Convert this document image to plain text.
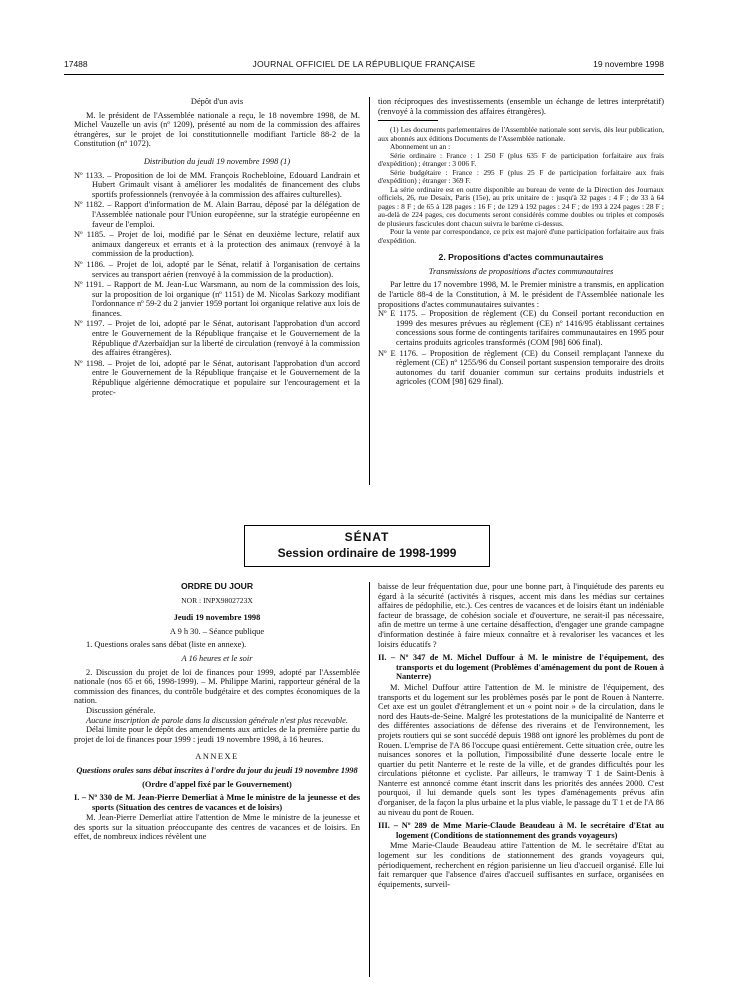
17488	JOURNAL OFFICIEL DE LA RÉPUBLIQUE FRANÇAISE	19 novembre 1998

Dépôt d'un avis

M. le président de l'Assemblée nationale a reçu, le 18 novembre 1998, de M. Michel Vauzelle un avis (nº 1209), présenté au nom de la commission des affaires étrangères, sur le projet de loi constitutionnelle modifiant l'article 88-2 de la Constitution (nº 1072).

Distribution du jeudi 19 novembre 1998 (1)

Nº 1133. – Proposition de loi de MM. François Rochebloine, Edouard Landrain et Hubert Grimault visant à améliorer les modalités de financement des clubs sportifs professionnels (renvoyée à la commission des affaires culturelles).

Nº 1182. – Rapport d'information de M. Alain Barrau, déposé par la délégation de l'Assemblée nationale pour l'Union européenne, sur la stratégie européenne en faveur de l'emploi.

Nº 1185. – Projet de loi, modifié par le Sénat en deuxième lecture, relatif aux animaux dangereux et errants et à la protection des animaux (renvoyé à la commission de la production).

Nº 1186. – Projet de loi, adopté par le Sénat, relatif à l'organisation de certains services au transport aérien (renvoyé à la commission de la production).

Nº 1191. – Rapport de M. Jean-Luc Warsmann, au nom de la commission des lois, sur la proposition de loi organique (nº 1151) de M. Nicolas Sarkozy modifiant l'ordonnance nº 59-2 du 2 janvier 1959 portant loi organique relative aux lois de finances.

Nº 1197. – Projet de loi, adopté par le Sénat, autorisant l'approbation d'un accord entre le Gouvernement de la République française et le Gouvernement de la République d'Azerbaïdjan sur la liberté de circulation (renvoyé à la commission des affaires étrangères).

Nº 1198. – Projet de loi, adopté par le Sénat, autorisant l'approbation d'un accord entre le Gouvernement de la République française et le Gouvernement de la République algérienne démocratique et populaire sur l'encouragement et la protec-

tion réciproques des investissements (ensemble un échange de lettres interprétatif) (renvoyé à la commission des affaires étrangères).

(1) Les documents parlementaires de l'Assemblée nationale sont servis, dès leur publication, aux abonnés aux éditions Documents de l'Assemblée nationale.

Abonnement un an :

Série ordinaire : France : 1 250 F (plus 635 F de participation forfaitaire aux frais d'expédition) ; étranger : 3 006 F.

Série budgétaire : France : 295 F (plus 25 F de participation forfaitaire aux frais d'expédition) ; étranger : 369 F.

La série ordinaire est en outre disponible au bureau de vente de la Direction des Journaux officiels, 26, rue Desaix, Paris (15e), au prix unitaire de : jusqu'à 32 pages : 4 F ; de 33 à 64 pages : 8 F ; de 65 à 128 pages : 16 F ; de 129 à 192 pages : 24 F ; de 193 à 224 pages : 28 F ; au-delà de 224 pages, ces documents seront considérés comme doubles ou triples et composés de plusieurs fascicules dont chacun suivra le barème ci-dessus.

Pour la vente par correspondance, ce prix est majoré d'une participation forfaitaire aux frais d'expédition.

2. Propositions d'actes communautaires

Transmissions de propositions d'actes communautaires

Par lettre du 17 novembre 1998, M. le Premier ministre a transmis, en application de l'article 88-4 de la Constitution, à M. le président de l'Assemblée nationale les propositions d'actes communautaires suivantes :

Nº E 1175. – Proposition de règlement (CE) du Conseil portant reconduction en 1999 des mesures prévues au règlement (CE) nº 1416/95 établissant certaines concessions sous forme de contingents tarifaires communautaires en 1995 pour certains produits agricoles transformés (COM [98] 606 final).

Nº E 1176. – Proposition de règlement (CE) du Conseil remplaçant l'annexe du règlement (CE) nº 1255/96 du Conseil portant suspension temporaire des droits autonomes du tarif douanier commun sur certains produits industriels et agricoles (COM [98] 629 final).

SÉNAT
Session ordinaire de 1998-1999

ORDRE DU JOUR

NOR : INPX9802723X

Jeudi 19 novembre 1998

A 9 h 30. – Séance publique

1. Questions orales sans débat (liste en annexe).

A 16 heures et le soir

2. Discussion du projet de loi de finances pour 1999, adopté par l'Assemblée nationale (nos 65 et 66, 1998-1999). – M. Philippe Marini, rapporteur général de la commission des finances, du contrôle budgétaire et des comptes économiques de la nation.

Discussion générale.

Aucune inscription de parole dans la discussion générale n'est plus recevable.

Délai limite pour le dépôt des amendements aux articles de la première partie du projet de loi de finances pour 1999 : jeudi 19 novembre 1998, à 16 heures.

ANNEXE

Questions orales sans débat inscrites à l'ordre du jour du jeudi 19 novembre 1998

(Ordre d'appel fixé par le Gouvernement)

I. – Nº 330 de M. Jean-Pierre Demerliat à Mme le ministre de la jeunesse et des sports (Situation des centres de vacances et de loisirs)

M. Jean-Pierre Demerliat attire l'attention de Mme le ministre de la jeunesse et des sports sur la situation préoccupante des centres de vacances et de loisirs. En effet, de nombreux indices révèlent une

baisse de leur fréquentation due, pour une bonne part, à l'inquiétude des parents eu égard à la sécurité (activités à risques, accent mis dans les médias sur certaines affaires de pédophilie, etc.). Ces centres de vacances et de loisirs étant un indéniable facteur de brassage, de cohésion sociale et d'ouverture, ne serait-il pas nécessaire, afin de mettre un terme à une certaine désaffection, d'engager une grande campagne d'information destinée à faire mieux connaître et à revaloriser les vacances et les loisirs éducatifs ?

II. – Nº 347 de M. Michel Duffour à M. le ministre de l'équipement, des transports et du logement (Problèmes d'aménagement du pont de Rouen à Nanterre)

M. Michel Duffour attire l'attention de M. le ministre de l'équipement, des transports et du logement sur les problèmes posés par le pont de Rouen à Nanterre. Cet axe est un goulet d'étranglement et un « point noir » de la circulation, dans le nord des Hauts-de-Seine. Malgré les protestations de la municipalité de Nanterre et des différentes associations de défense des riverains et de l'environnement, les projets routiers qui se sont succédé depuis 1988 ont ignoré les problèmes du pont de Rouen. L'emprise de l'A 86 l'occupe quasi entièrement. Cette situation crée, outre les nuisances sonores et la pollution, l'impossibilité d'une desserte locale entre le quartier du petit Nanterre et le reste de la ville, et de grandes difficultés pour les circulations piétonne et cycliste. Par ailleurs, le tramway T 1 de Saint-Denis à Nanterre est annoncé comme étant inscrit dans les priorités des années 2000. C'est pourquoi, il lui demande quels sont les types d'aménagements prévus afin d'organiser, de la façon la plus urbaine et la plus viable, le passage du T 1 et de l'A 86 au niveau du pont de Rouen.

III. – Nº 289 de Mme Marie-Claude Beaudeau à M. le secrétaire d'Etat au logement (Conditions de stationnement des grands voyageurs)

Mme Marie-Claude Beaudeau attire l'attention de M. le secrétaire d'Etat au logement sur les conditions de stationnement des grands voyageurs qui, périodiquement, recherchent en région parisienne un lieu d'accueil organisé. Elle lui fait remarquer que l'absence d'aires d'accueil suffisantes en surface, organisées en équipements, surveil-
